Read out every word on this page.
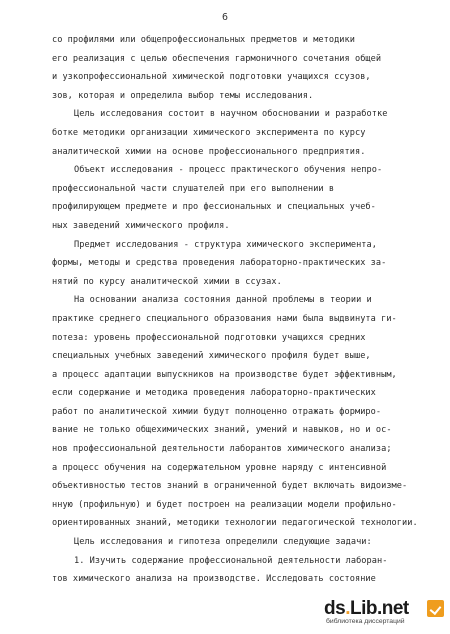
6
со профилями или общепрофессиональных предметов и методики
его реализация с целью обеспечения гармоничного сочетания общей
и узкопрофессиональной химической подготовки учащихся ссузов,
зов, которая и определила выбор темы исследования.
Цель исследования состоит в научном обосновании и разработке
ботке методики организации химического эксперимента по курсу
аналитической химии на основе профессионального предприятия.
Объект исследования - процесс практического обучения непро-
профессиональной части слушателей при его выполнении в
профилирующем предмете и про фессиональных и специальных учеб-
ных заведений химического профиля.
Предмет исследования - структура химического эксперимента,
формы, методы и средства проведения лабораторно-практических за-
нятий по курсу аналитической химии в ссузах.
На основании анализа состояния данной проблемы в теории и
практике среднего специального образования нами была выдвинута ги-
потеза: уровень профессиональной подготовки учащихся средних
специальных учебных заведений химического профиля будет выше,
а процесс адаптации выпускников на производстве будет эффективным,
если содержание и методика проведения лабораторно-практических
работ по аналитической химии будут полноценно отражать формиро-
вание не только общехимических знаний, умений и навыков, но и ос-
нов профессиональной деятельности лаборантов химического анализа;
а процесс обучения на содержательном уровне наряду с интенсивной
объективностью тестов знаний в ограниченной будет включать видоизме-
нную (профильную) и будет построен на реализации модели профильно-
ориентированных знаний, методики технологии педагогической технологии.
Цель исследования и гипотеза определили следующие задачи:
1. Изучить содержание профессиональной деятельности лаборан-
тов химического анализа на производстве. Исследовать состояние
ds.Lib.net
библиотека диссертаций
